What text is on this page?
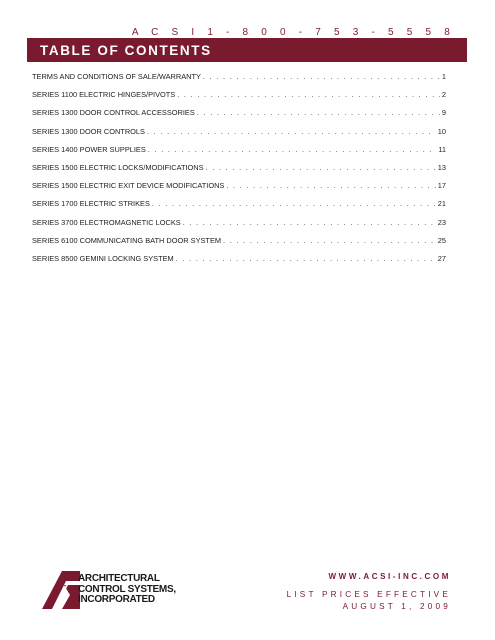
A C S I 1 - 8 0 0 - 7 5 3 - 5 5 5 8
TABLE OF CONTENTS
TERMS AND CONDITIONS OF SALE/WARRANTY . . .	1
SERIES 1100 ELECTRIC HINGES/PIVOTS . . .	2
SERIES 1300 DOOR CONTROL ACCESSORIES . . .	9
SERIES 1300 DOOR CONTROLS . . .	10
SERIES 1400 POWER SUPPLIES . . .	11
SERIES 1500 ELECTRIC LOCKS/MODIFICATIONS . . .	13
SERIES 1500 ELECTRIC EXIT DEVICE MODIFICATIONS . . .	17
SERIES 1700 ELECTRIC STRIKES . . .	21
SERIES 3700 ELECTROMAGNETIC LOCKS . . .	23
SERIES 6100 COMMUNICATING BATH DOOR SYSTEM . . .	25
SERIES 8500 GEMINI LOCKING SYSTEM . . .	27
ARCHITECTURAL
CONTROL SYSTEMS,
INCORPORATED
WWW.ACSI-INC.COM
LIST PRICES EFFECTIVE
AUGUST 1, 2009
